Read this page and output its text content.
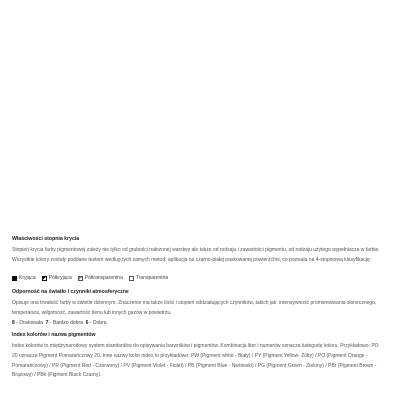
Właściwości stopnia krycia
Stopień krycia farby pigmentowej zależy nie tylko od grubości nałożonej warstwy ale także od rodzaju i zawartości pigmentu, od rodzaju użytego wypełniacza w farbie. Wszystkie kolory zostały poddane testom według tych samych metod: aplikacja na czarno-białej paskowanej powierzchni, co pozwala na 4-stopniową klasyfikację:
Kryjąca	Półkryjąca	Półtransparentna	Transparentna
Odporność na światło i czynniki atmosferyczne
Opisuje ona trwałość farby w świetle dziennym. Znaczenie ma także ilość i stopień oddziałujących czynników, takich jak: intensywność promieniowania słonecznego, temperatura, wilgotność, zawartość tlenu lub innych gazów w powietrzu.
8 - Doskonała 7 - Bardzo dobra 6 - Dobra
Index kolorów i nazwa pigmentów
Index kolorów to międzynarodowy system standardów do opisywania barwników i pigmentów. Kombinacja liter i numerów oznacza kategorię koloru. Przykładowo: PO 20 oznacza Pigment Pomarańczowy 20. Inne nazwy kolor index to przykładowo: PW (Pigment white - Biały) / PY (Pigment Yellow- Żółty) / PO (Pigment Orange - Pomarańczowy) / PR (Pigment Red - Czerwony) / PV (Pigment Violet - Fiolet) / PB (Pigment Blue - Niebieski) / PG (Pigment Green - Zielony) / PBr (Pigment Brown - Brązowy) / PBk (Pigment Black Czarny).
